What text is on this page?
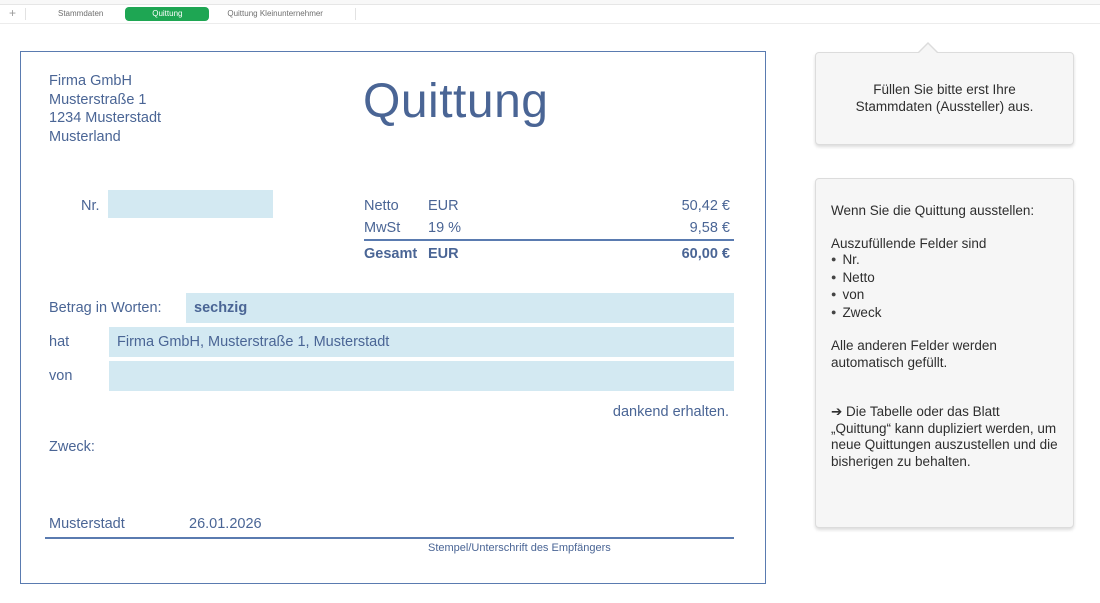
+	Stammdaten	Quittung	Quittung Kleinunternehmer
Firma GmbH
Musterstraße 1
1234 Musterstadt
Musterland
Quittung
Nr.	Netto EUR	50,42 €
MwSt 19 %	9,58 €
Gesamt EUR	60,00 €
Betrag in Worten:	sechzig
hat	Firma GmbH, Musterstraße 1, Musterstadt
von
dankend erhalten.
Zweck:
Musterstadt	26.01.2026
Stempel/Unterschrift des Empfängers
Füllen Sie bitte erst Ihre
Stammdaten (Aussteller) aus.

Wenn Sie die Quittung ausstellen:

Auszufüllende Felder sind
● Nr.
● Netto
● von
● Zweck

Alle anderen Felder werden automatisch gefüllt.

➔ Die Tabelle oder das Blatt „Quittung“ kann dupliziert werden, um neue Quittungen auszustellen und die bisherigen zu behalten.
